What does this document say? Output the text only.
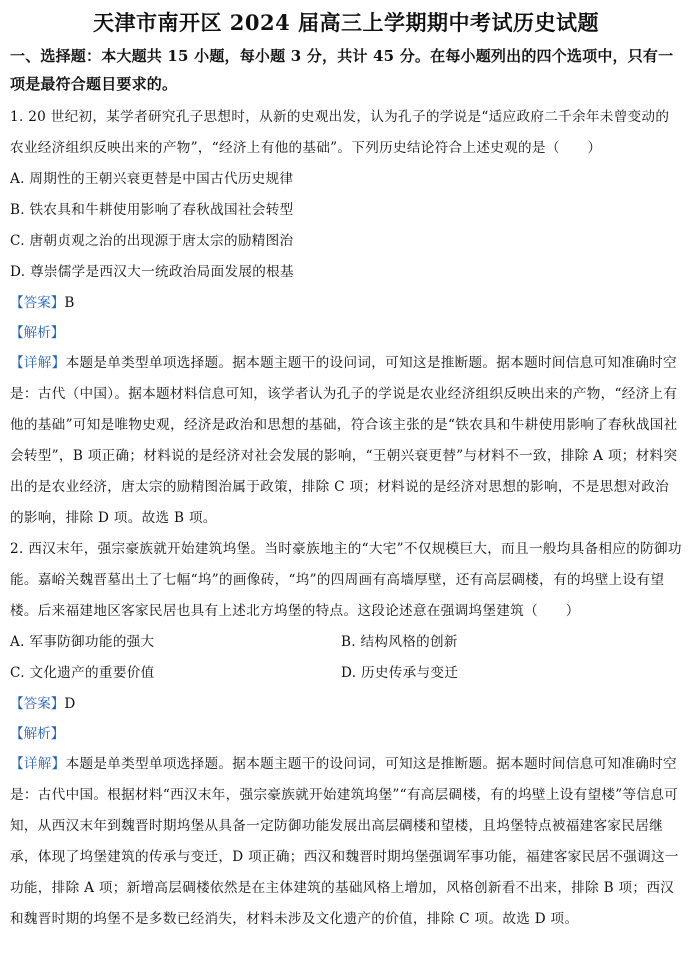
天津市南开区 2024 届高三上学期期中考试历史试题
一、选择题：本大题共 15 小题，每小题 3 分，共计 45 分。在每小题列出的四个选项中，只有一项是最符合题目要求的。

1. 20 世纪初，某学者研究孔子思想时，从新的史观出发，认为孔子的学说是“适应政府二千余年未曾变动的农业经济组织反映出来的产物”，“经济上有他的基础”。下列历史结论符合上述史观的是（　　）

A. 周期性的王朝兴衰更替是中国古代历史规律

B. 铁农具和牛耕使用影响了春秋战国社会转型

C. 唐朝贞观之治的出现源于唐太宗的励精图治

D. 尊崇儒学是西汉大一统政治局面发展的根基

【答案】B
【解析】

【详解】本题是单类型单项选择题。据本题主题干的设问词，可知这是推断题。据本题时间信息可知准确时空是：古代（中国）。据本题材料信息可知，该学者认为孔子的学说是农业经济组织反映出来的产物，“经济上有他的基础”可知是唯物史观，经济是政治和思想的基础，符合该主张的是“铁农具和牛耕使用影响了春秋战国社会转型”，B 项正确；材料说的是经济对社会发展的影响，“王朝兴衰更替”与材料不一致，排除 A 项；材料突出的是农业经济，唐太宗的励精图治属于政策，排除 C 项；材料说的是经济对思想的影响，不是思想对政治的影响，排除 D 项。故选 B 项。

2. 西汉末年，强宗豪族就开始建筑坞堡。当时豪族地主的“大宅”不仅规模巨大，而且一般均具备相应的防御功能。嘉峪关魏晋墓出土了七幅“坞”的画像砖，“坞”的四周画有高墙厚壁，还有高层碉楼，有的坞壁上设有望楼。后来福建地区客家民居也具有上述北方坞堡的特点。这段论述意在强调坞堡建筑（　　）

A. 军事防御功能的强大	B. 结构风格的创新
C. 文化遗产的重要价值	D. 历史传承与变迁
【答案】D
【解析】

【详解】本题是单类型单项选择题。据本题主题干的设问词，可知这是推断题。据本题时间信息可知准确时空是：古代中国。根据材料“西汉末年，强宗豪族就开始建筑坞堡”“有高层碉楼，有的坞壁上设有望楼”等信息可知，从西汉末年到魏晋时期坞堡从具备一定防御功能发展出高层碉楼和望楼，且坞堡特点被福建客家民居继承，体现了坞堡建筑的传承与变迁，D 项正确；西汉和魏晋时期坞堡强调军事功能，福建客家民居不强调这一功能，排除 A 项；新增高层碉楼依然是在主体建筑的基础风格上增加，风格创新看不出来，排除 B 项；西汉和魏晋时期的坞堡不是多数已经消失，材料未涉及文化遗产的价值，排除 C 项。故选 D 项。
